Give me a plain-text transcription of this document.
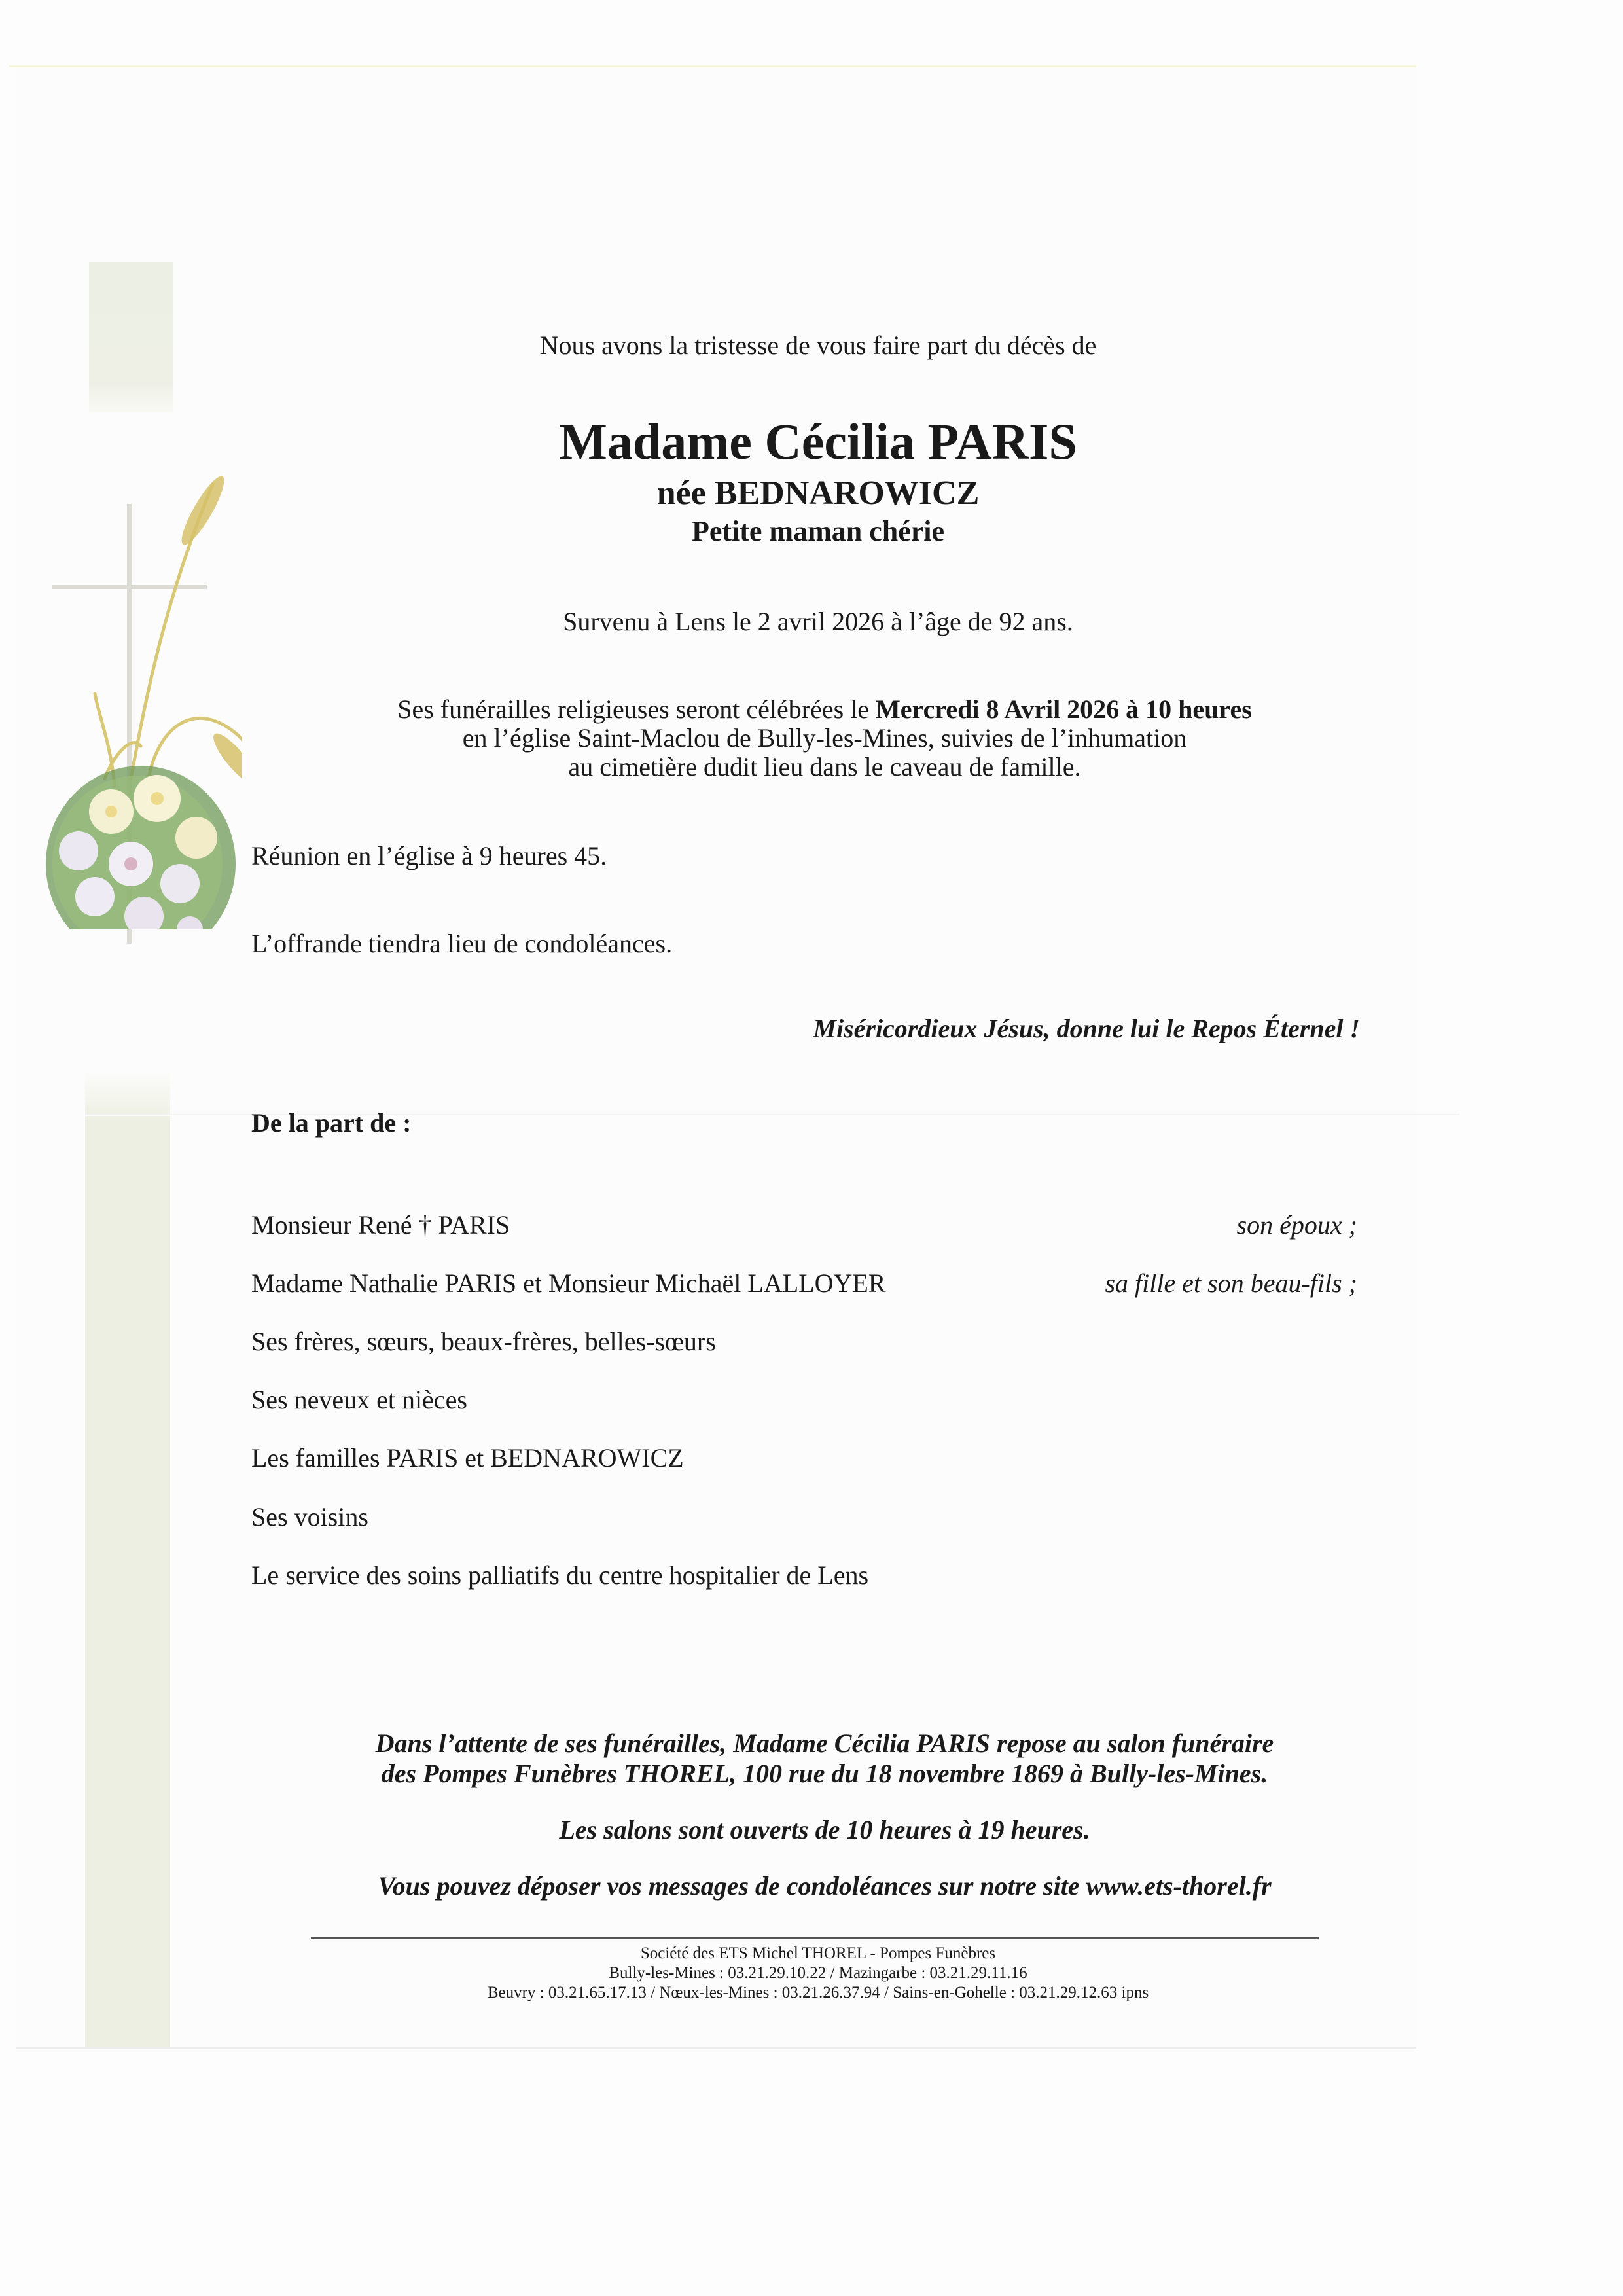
Nous avons la tristesse de vous faire part du décès de
Madame Cécilia PARIS
née BEDNAROWICZ
Petite maman chérie
Survenu à Lens le 2 avril 2026 à l’âge de 92 ans.
Ses funérailles religieuses seront célébrées le Mercredi 8 Avril 2026 à 10 heures
en l’église Saint-Maclou de Bully-les-Mines, suivies de l’inhumation
au cimetière dudit lieu dans le caveau de famille.
Réunion en l’église à 9 heures 45.
L’offrande tiendra lieu de condoléances.
Miséricordieux Jésus, donne lui le Repos Éternel !
De la part de :
Monsieur René † PARIS	son époux ;
Madame Nathalie PARIS et Monsieur Michaël LALLOYER	sa fille et son beau-fils ;
Ses frères, sœurs, beaux-frères, belles-sœurs
Ses neveux et nièces
Les familles PARIS et BEDNAROWICZ
Ses voisins
Le service des soins palliatifs du centre hospitalier de Lens
Dans l’attente de ses funérailles, Madame Cécilia PARIS repose au salon funéraire
des Pompes Funèbres THOREL, 100 rue du 18 novembre 1869 à Bully-les-Mines.
Les salons sont ouverts de 10 heures à 19 heures.
Vous pouvez déposer vos messages de condoléances sur notre site www.ets-thorel.fr
Société des ETS Michel THOREL - Pompes Funèbres
Bully-les-Mines : 03.21.29.10.22 / Mazingarbe : 03.21.29.11.16
Beuvry : 03.21.65.17.13 / Nœux-les-Mines : 03.21.26.37.94 / Sains-en-Gohelle : 03.21.29.12.63 ipns
